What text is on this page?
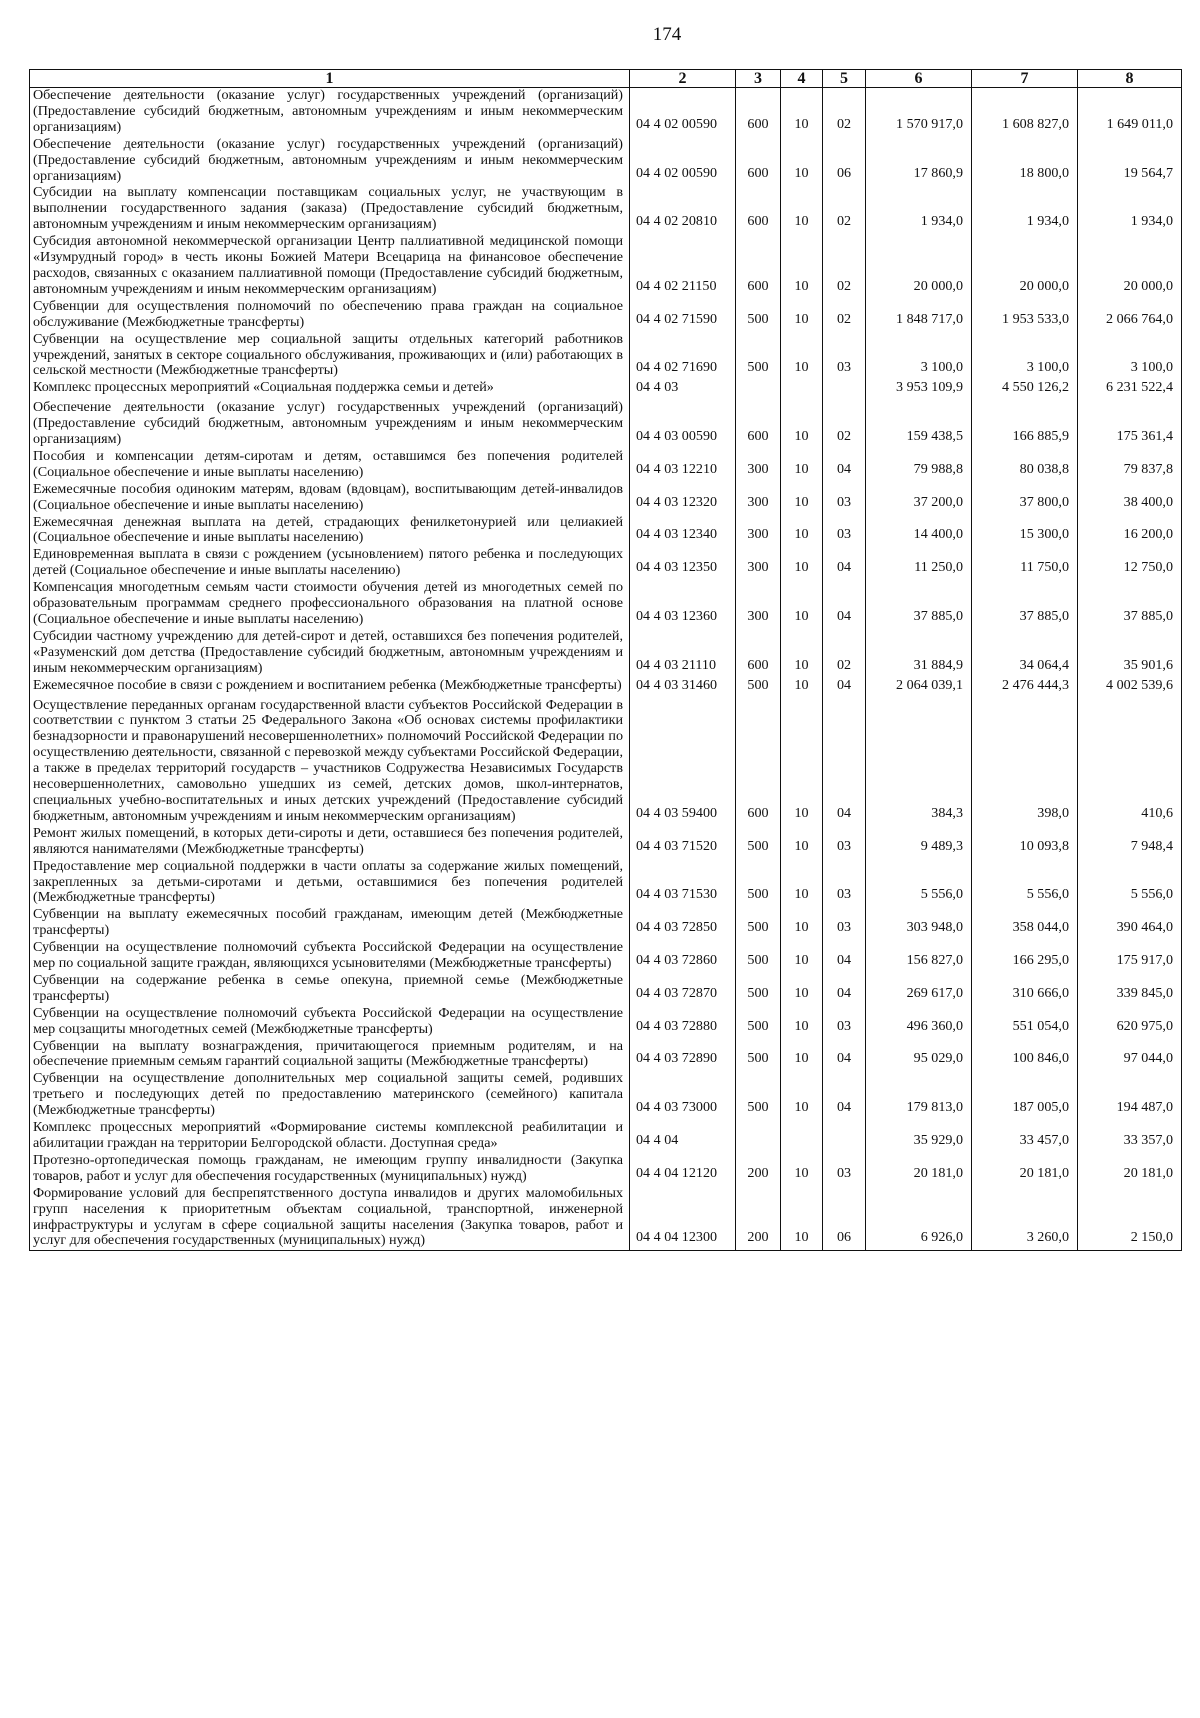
174
1	2	3	4	5	6	7	8
Обеспечение деятельности (оказание услуг) государственных учреждений (организаций) (Предоставление субсидий бюджетным, автономным учреждениям и иным некоммерческим организациям)	04 4 02 00590	600	10	02	1 570 917,0	1 608 827,0	1 649 011,0
Обеспечение деятельности (оказание услуг) государственных учреждений (организаций) (Предоставление субсидий бюджетным, автономным учреждениям и иным некоммерческим организациям)	04 4 02 00590	600	10	06	17 860,9	18 800,0	19 564,7
Субсидии на выплату компенсации поставщикам социальных услуг, не участвующим в выполнении государственного задания (заказа) (Предоставление субсидий бюджетным, автономным учреждениям и иным некоммерческим организациям)	04 4 02 20810	600	10	02	1 934,0	1 934,0	1 934,0
Субсидия автономной некоммерческой организации Центр паллиативной медицинской помощи «Изумрудный город» в честь иконы Божией Матери Всецарица на финансовое обеспечение расходов, связанных с оказанием паллиативной помощи (Предоставление субсидий бюджетным, автономным учреждениям и иным некоммерческим организациям)	04 4 02 21150	600	10	02	20 000,0	20 000,0	20 000,0
Субвенции для осуществления полномочий по обеспечению права граждан на социальное обслуживание (Межбюджетные трансферты)	04 4 02 71590	500	10	02	1 848 717,0	1 953 533,0	2 066 764,0
Субвенции на осуществление мер социальной защиты отдельных категорий работников учреждений, занятых в секторе социального обслуживания, проживающих и (или) работающих в сельской местности (Межбюджетные трансферты)	04 4 02 71690	500	10	03	3 100,0	3 100,0	3 100,0
Комплекс процессных мероприятий «Социальная поддержка семьи и детей»	04 4 03				3 953 109,9	4 550 126,2	6 231 522,4
Обеспечение деятельности (оказание услуг) государственных учреждений (организаций) (Предоставление субсидий бюджетным, автономным учреждениям и иным некоммерческим организациям)	04 4 03 00590	600	10	02	159 438,5	166 885,9	175 361,4
Пособия и компенсации детям-сиротам и детям, оставшимся без попечения родителей (Социальное обеспечение и иные выплаты населению)	04 4 03 12210	300	10	04	79 988,8	80 038,8	79 837,8
Ежемесячные пособия одиноким матерям, вдовам (вдовцам), воспитывающим детей-инвалидов (Социальное обеспечение и иные выплаты населению)	04 4 03 12320	300	10	03	37 200,0	37 800,0	38 400,0
Ежемесячная денежная выплата на детей, страдающих фенилкетонурией или целиакией (Социальное обеспечение и иные выплаты населению)	04 4 03 12340	300	10	03	14 400,0	15 300,0	16 200,0
Единовременная выплата в связи с рождением (усыновлением) пятого ребенка и последующих детей (Социальное обеспечение и иные выплаты населению)	04 4 03 12350	300	10	04	11 250,0	11 750,0	12 750,0
Компенсация многодетным семьям части стоимости обучения детей из многодетных семей по образовательным программам среднего профессионального образования на платной основе (Социальное обеспечение и иные выплаты населению)	04 4 03 12360	300	10	04	37 885,0	37 885,0	37 885,0
Субсидии частному учреждению для детей-сирот и детей, оставшихся без попечения родителей, «Разуменский дом детства (Предоставление субсидий бюджетным, автономным учреждениям и иным некоммерческим организациям)	04 4 03 21110	600	10	02	31 884,9	34 064,4	35 901,6
Ежемесячное пособие в связи с рождением и воспитанием ребенка (Межбюджетные трансферты)	04 4 03 31460	500	10	04	2 064 039,1	2 476 444,3	4 002 539,6
Осуществление переданных органам государственной власти субъектов Российской Федерации в соответствии с пунктом 3 статьи 25 Федерального Закона «Об основах системы профилактики безнадзорности и правонарушений несовершеннолетних» полномочий Российской Федерации по осуществлению деятельности, связанной с перевозкой между субъектами Российской Федерации, а также в пределах территорий государств – участников Содружества Независимых Государств несовершеннолетних, самовольно ушедших из семей, детских домов, школ-интернатов, специальных учебно-воспитательных и иных детских учреждений (Предоставление субсидий бюджетным, автономным учреждениям и иным некоммерческим организациям)	04 4 03 59400	600	10	04	384,3	398,0	410,6
Ремонт жилых помещений, в которых дети-сироты и дети, оставшиеся без попечения родителей, являются нанимателями (Межбюджетные трансферты)	04 4 03 71520	500	10	03	9 489,3	10 093,8	7 948,4
Предоставление мер социальной поддержки в части оплаты за содержание жилых помещений, закрепленных за детьми-сиротами и детьми, оставшимися без попечения родителей (Межбюджетные трансферты)	04 4 03 71530	500	10	03	5 556,0	5 556,0	5 556,0
Субвенции на выплату ежемесячных пособий гражданам, имеющим детей (Межбюджетные трансферты)	04 4 03 72850	500	10	03	303 948,0	358 044,0	390 464,0
Субвенции на осуществление полномочий субъекта Российской Федерации на осуществление мер по социальной защите граждан, являющихся усыновителями (Межбюджетные трансферты)	04 4 03 72860	500	10	04	156 827,0	166 295,0	175 917,0
Субвенции на содержание ребенка в семье опекуна, приемной семье (Межбюджетные трансферты)	04 4 03 72870	500	10	04	269 617,0	310 666,0	339 845,0
Субвенции на осуществление полномочий субъекта Российской Федерации на осуществление мер соцзащиты многодетных семей (Межбюджетные трансферты)	04 4 03 72880	500	10	03	496 360,0	551 054,0	620 975,0
Субвенции на выплату вознаграждения, причитающегося приемным родителям, и на обеспечение приемным семьям гарантий социальной защиты (Межбюджетные трансферты)	04 4 03 72890	500	10	04	95 029,0	100 846,0	97 044,0
Субвенции на осуществление дополнительных мер социальной защиты семей, родивших третьего и последующих детей по предоставлению материнского (семейного) капитала (Межбюджетные трансферты)	04 4 03 73000	500	10	04	179 813,0	187 005,0	194 487,0
Комплекс процессных мероприятий «Формирование системы комплексной реабилитации и абилитации граждан на территории Белгородской области. Доступная среда»	04 4 04				35 929,0	33 457,0	33 357,0
Протезно-ортопедическая помощь гражданам, не имеющим группу инвалидности (Закупка товаров, работ и услуг для обеспечения государственных (муниципальных) нужд)	04 4 04 12120	200	10	03	20 181,0	20 181,0	20 181,0
Формирование условий для беспрепятственного доступа инвалидов и других маломобильных групп населения к приоритетным объектам социальной, транспортной, инженерной инфраструктуры и услугам в сфере социальной защиты населения (Закупка товаров, работ и услуг для обеспечения государственных (муниципальных) нужд)	04 4 04 12300	200	10	06	6 926,0	3 260,0	2 150,0
